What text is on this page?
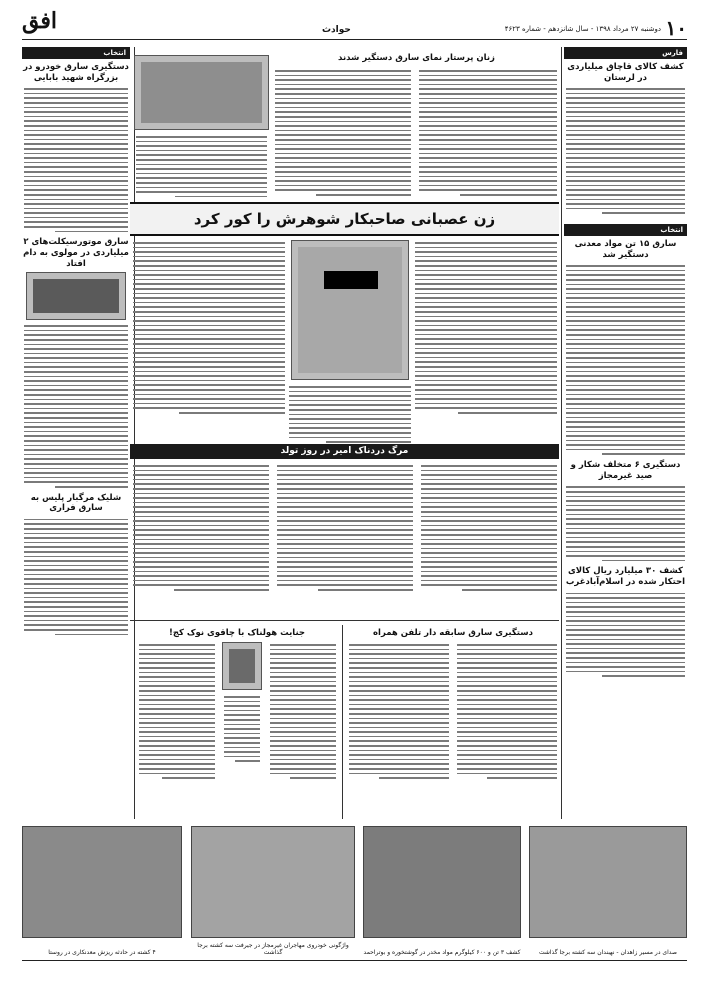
۱۰
دوشنبه ۲۷ مرداد ۱۳۹۸ - سال شانزدهم - شماره ۴۶۲۳
حوادث
افق
فارس
کشف کالای قاچاق میلیاردی در لرستان
انتخاب
سارق ۱۵ تن مواد معدنی دستگیر شد
دستگیری ۶ متخلف شکار و صید غیرمجاز
کشف ۳۰ میلیارد ریال کالای احتکار شده در اسلام‌آبادغرب
انتخاب
دستگیری سارق خودرو در بزرگراه شهید بابایی
سارق موتورسیکلت‌های ۲ میلیاردی در مولوی به دام افتاد
شلیک مرگبار پلیس به سارق فراری
زنان پرستار نمای سارق دستگیر شدند
زن عصبانی صاحبکار شوهرش را کور کرد
مرگ دردناک امیر در روز تولد
دستگیری سارق سابقه دار تلفن همراه
جنایت هولناک با چاقوی نوک کج!
صدای در مسیر زاهدان - نهبندان سه کشته برجا گذاشت
کشف ۳ تن و ۶۰۰ کیلوگرم مواد مخدر در گوشتخوره و بوتراحمد
واژگونی خودروی مهاجران غیرمجاز در جیرفت سه کشته برجا گذاشت
۴ کشته در حادثه ریزش معدنکاری در روستا
